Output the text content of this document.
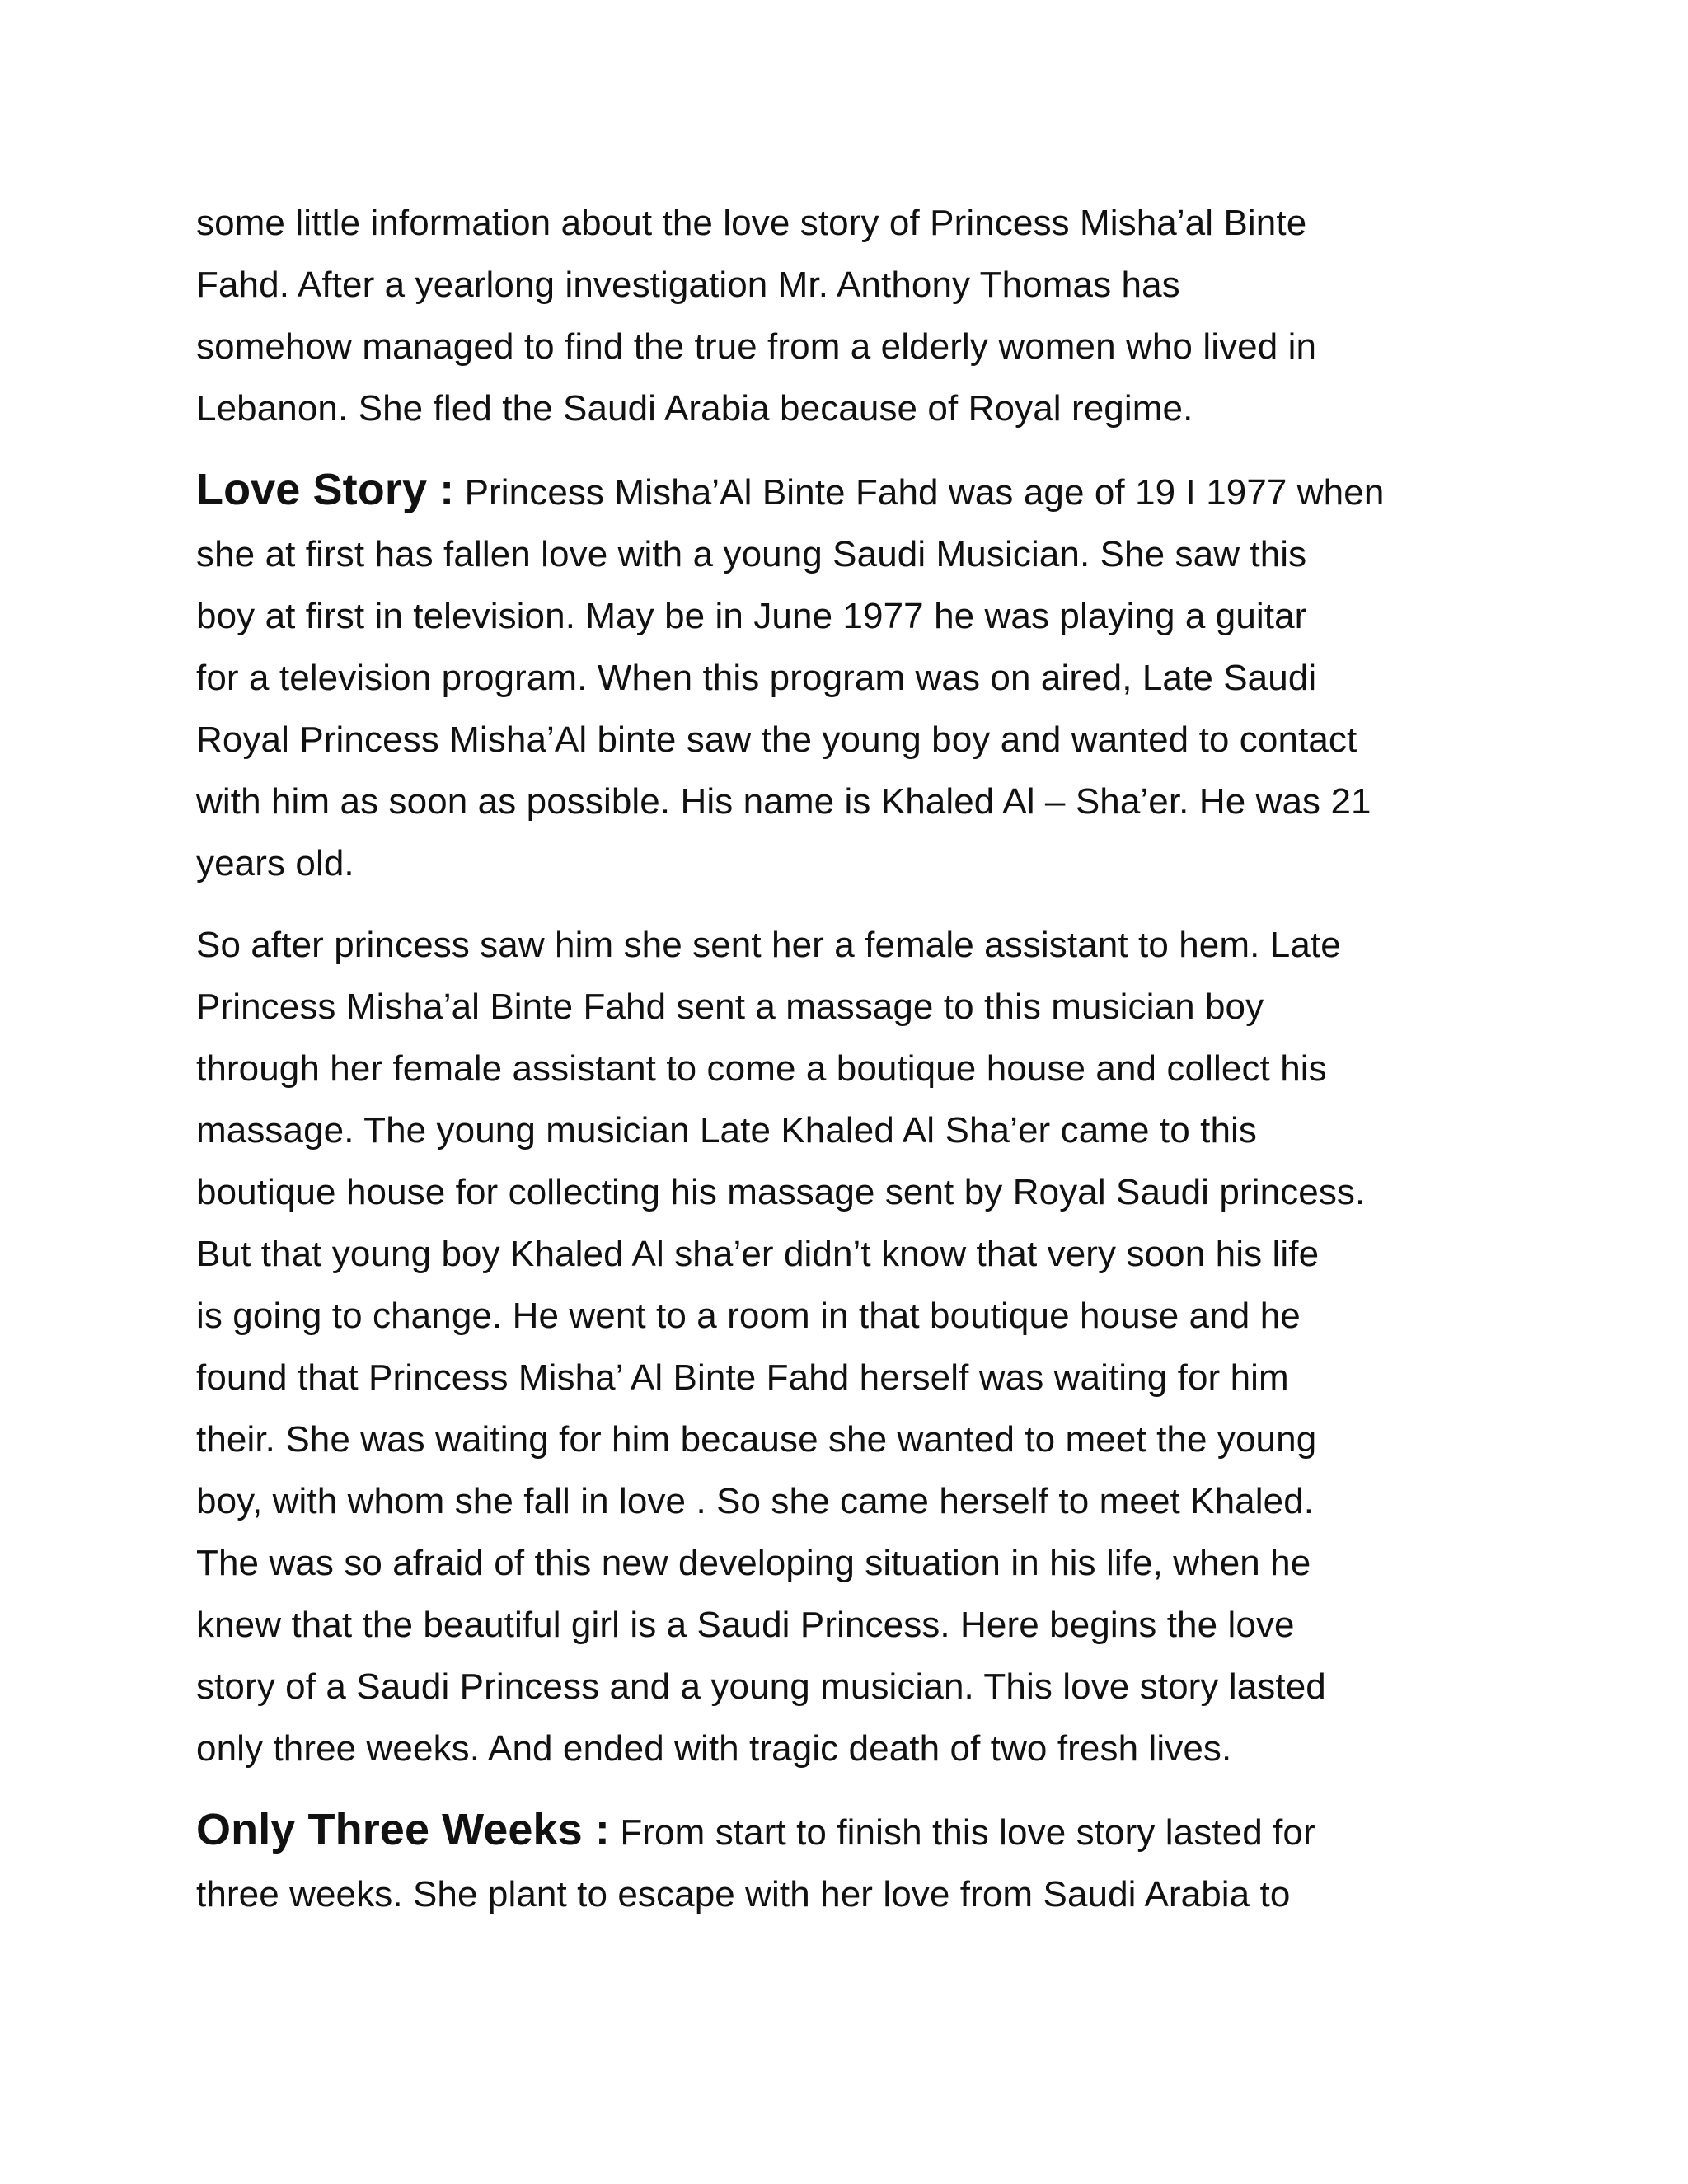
some little information about the love story of Princess Misha’al Binte
Fahd. After a yearlong investigation Mr. Anthony Thomas has
somehow managed to find the true from a elderly women who lived in
Lebanon. She fled the Saudi Arabia because of Royal regime.
Love Story : Princess Misha’Al Binte Fahd was age of 19 I 1977 when
she at first has fallen love with a young Saudi Musician. She saw this
boy at first in television. May be in June 1977 he was playing a guitar
for a television program. When this program was on aired, Late Saudi
Royal Princess Misha’Al binte saw the young boy and wanted to contact
with him as soon as possible. His name is Khaled Al – Sha’er. He was 21
years old.
So after princess saw him she sent her a female assistant to hem. Late
Princess Misha’al Binte Fahd sent a massage to this musician boy
through her female assistant to come a boutique house and collect his
massage. The young musician Late Khaled Al Sha’er came to this
boutique house for collecting his massage sent by Royal Saudi princess.
But that young boy Khaled Al sha’er didn’t know that very soon his life
is going to change. He went to a room in that boutique house and he
found that Princess Misha’ Al Binte Fahd herself was waiting for him
their. She was waiting for him because she wanted to meet the young
boy, with whom she fall in love . So she came herself to meet Khaled.
The was so afraid of this new developing situation in his life, when he
knew that the beautiful girl is a Saudi Princess. Here begins the love
story of a Saudi Princess and a young musician. This love story lasted
only three weeks. And ended with tragic death of two fresh lives.
Only Three Weeks : From start to finish this love story lasted for
three weeks. She plant to escape with her love from Saudi Arabia to
